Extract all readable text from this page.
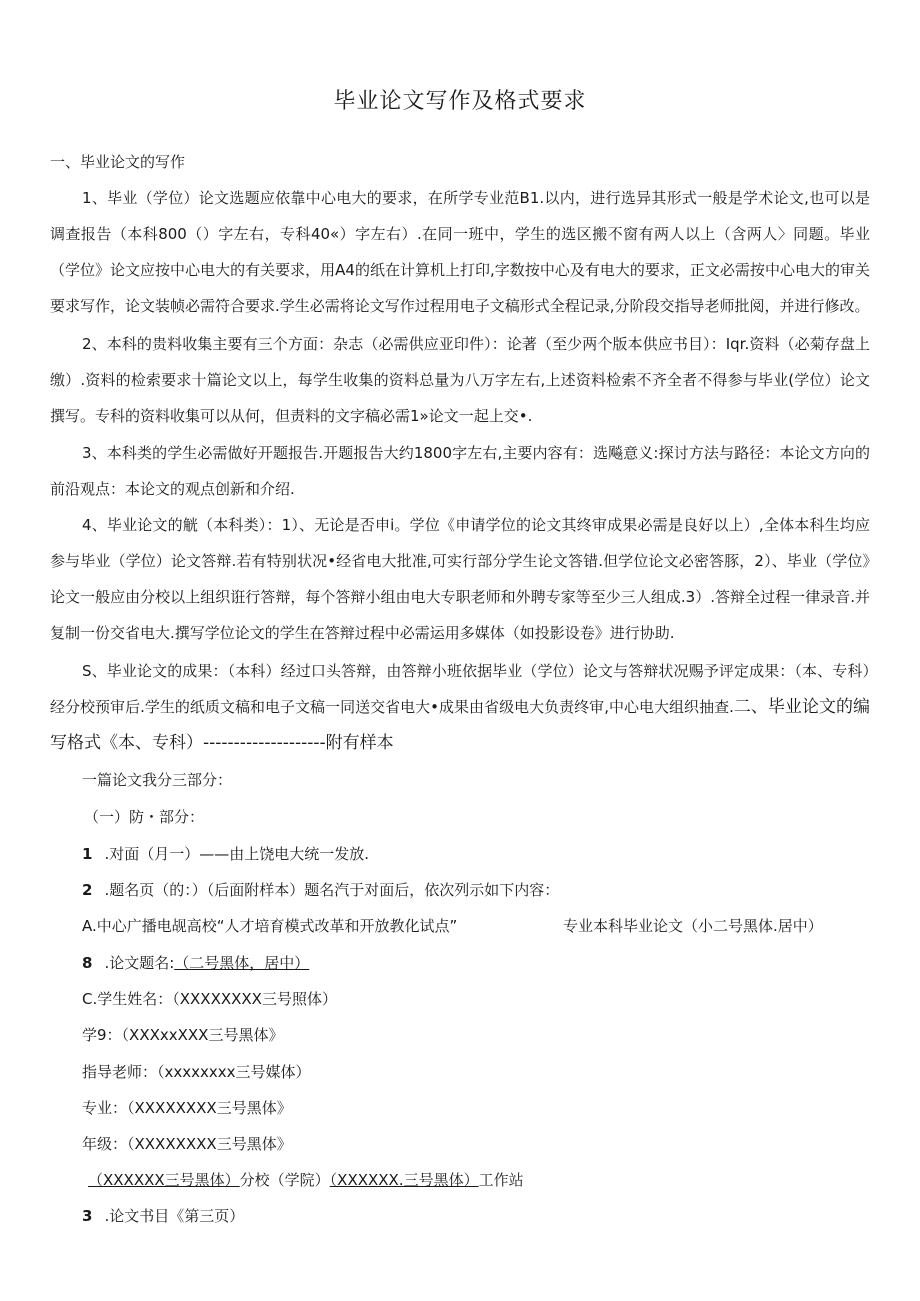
毕业论文写作及格式要求
一、毕业论文的写作

1、毕业（学位）论文选题应依靠中心电大的要求，在所学专业范B1.以内，进行选异其形式一般是学术论文,也可以是调查报告（本科800（）字左右，专科40«）字左右）.在同一班中，学生的选区搬不窗有两人以上（含两人〉同题。毕业（学位》论文应按中心电大的有关要求，用A4的纸在计算机上打印,字数按中心及有电大的要求，正文必需按中心电大的审关要求写作，论文装帧必需符合要求.学生必需将论文写作过程用电子文稿形式全程记录,分阶段交指导老师批阅，并进行修改。

2、本科的贵料收集主要有三个方面：杂志（必需供应亚印件）：论著（至少两个版本供应书目）：Iqr.资料（必菊存盘上缴）.资料的检索要求十篇论文以上，每学生收集的资料总量为八万字左右,上述资料检索不齐全者不得参与毕业(学位）论文撰写。专科的资料收集可以从何，但责料的文字稿必需1»论文一起上交•.

3、本科类的学生必需做好开题报告.开题报告大约1800字左右,主要内容有：选飚意义:探讨方法与路径：本论文方向的前沿观点：本论文的观点创新和介绍.

4、毕业论文的觥（本科类）：1）、无论是否申i。学位《申请学位的论文其终审成果必需是良好以上）,全体本科生均应参与毕业（学位）论文答辩.若有特别状况•经省电大批准,可实行部分学生论文答错.但学位论文必密答豚，2）、毕业（学位》论文一般应由分校以上组织诳行答辩，每个答辩小组由电大专职老师和外聘专家等至少三人组成.3）.答辩全过程一律录音.并复制一份交省电大.撰写学位论文的学生在答辩过程中必需运用多媒体（如投影设卷》进行协助.

S、毕业论文的成果：（本科）经过口头答辩，由答辩小班依据毕业（学位）论文与答辩状况赐予评定成果：（本、专科）经分校预审后.学生的纸质文稿和电子文稿一同送交省电大•成果由省级电大负责终审,中心电大组织抽查.二、毕业论文的编写格式《本、专科）--------------------附有样本

一篇论文我分三部分：
（一）防・部分：
1 .对面（月一）——由上饶电大统一发放.
2 .题名页（的：）（后面附样本）题名汽于对面后，依次列示如下内容：
A.中心广播电觇高校“人才培育模式改革和开放教化试点”	专业本科毕业论文（小二号黑体.居中）
8 .论文题名:（二号黑体，居中）
C.学生姓名：（XXXXXXXX三号照体）
学9：（XXXxxXXX三号黑体》
指导老师：（xxxxxxxx三号媒体）
专业：（XXXXXXXX三号黑体》
年级：（XXXXXXXX三号黑体》
（XXXXXX三号黑体）分校（学院）（XXXXXX.三号黑体）工作站
3 .论文书目《第三页）
